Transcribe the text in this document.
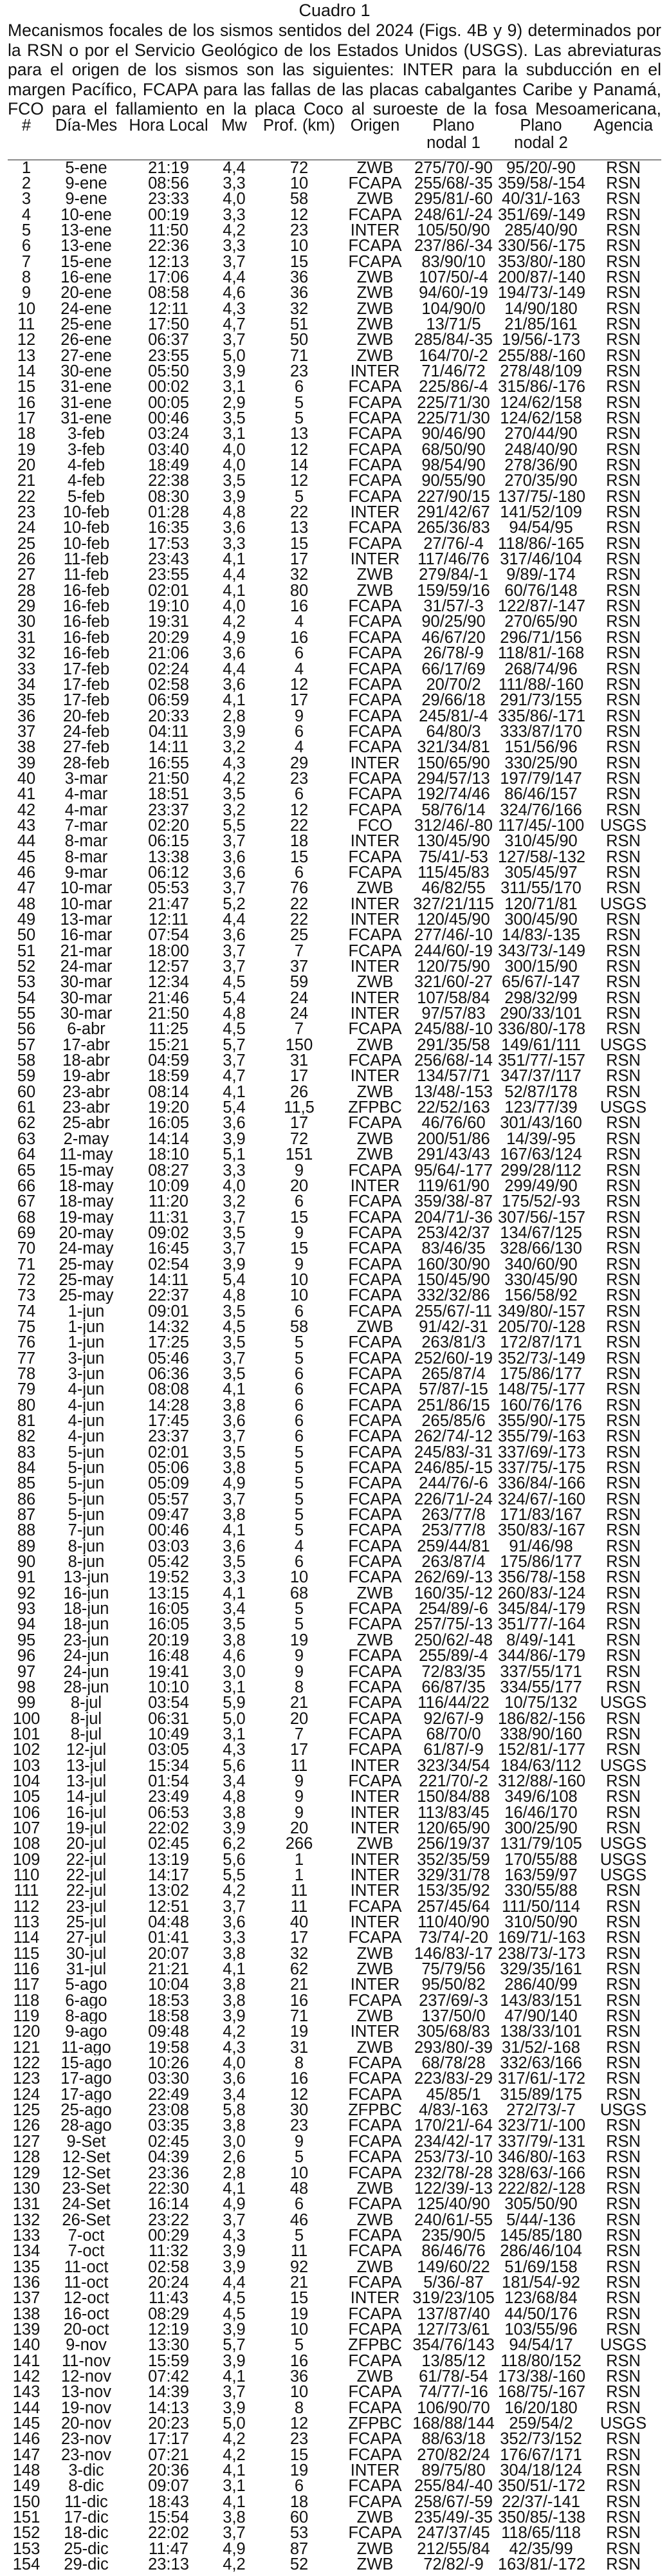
Cuadro 1

Mecanismos focales de los sismos sentidos del 2024 (Figs. 4B y 9) determinados por la RSN o por el Servicio Geológico de los Estados Unidos (USGS). Las abreviaturas para el origen de los sismos son las siguientes: INTER para la subducción en el margen Pacífico, FCAPA para las fallas de las placas cabalgantes Caribe y Panamá, FCO para el fallamiento en la placa Coco al suroeste de la fosa Mesoamericana,

#	Día-Mes	Hora Local	Mw	Prof. (km)	Origen	Plano nodal 1	Plano nodal 2	Agencia
1	5-ene	21:19	4,4	72	ZWB	275/70/-90	95/20/-90	RSN
2	9-ene	08:56	3,3	10	FCAPA	255/68/-35	359/58/-154	RSN
3	9-ene	23:33	4,0	58	ZWB	295/81/-60	40/31/-163	RSN
4	10-ene	00:19	3,3	12	FCAPA	248/61/-24	351/69/-149	RSN
5	13-ene	11:50	4,2	23	INTER	105/50/90	285/40/90	RSN
6	13-ene	22:36	3,3	10	FCAPA	237/86/-34	330/56/-175	RSN
7	15-ene	12:13	3,7	15	FCAPA	83/90/10	353/80/-180	RSN
8	16-ene	17:06	4,4	36	ZWB	107/50/-4	200/87/-140	RSN
9	20-ene	08:58	4,6	36	ZWB	94/60/-19	194/73/-149	RSN
10	24-ene	12:11	4,3	32	ZWB	104/90/0	14/90/180	RSN
11	25-ene	17:50	4,7	51	ZWB	13/71/5	21/85/161	RSN
12	26-ene	06:37	3,7	50	ZWB	285/84/-35	19/56/-173	RSN
13	27-ene	23:55	5,0	71	ZWB	164/70/-2	255/88/-160	RSN
14	30-ene	05:50	3,9	23	INTER	71/46/72	278/48/109	RSN
15	31-ene	00:02	3,1	6	FCAPA	225/86/-4	315/86/-176	RSN
16	31-ene	00:05	2,9	5	FCAPA	225/71/30	124/62/158	RSN
17	31-ene	00:46	3,5	5	FCAPA	225/71/30	124/62/158	RSN
18	3-feb	03:24	3,1	13	FCAPA	90/46/90	270/44/90	RSN
19	3-feb	03:40	4,0	12	FCAPA	68/50/90	248/40/90	RSN
20	4-feb	18:49	4,0	14	FCAPA	98/54/90	278/36/90	RSN
21	4-feb	22:38	3,5	12	FCAPA	90/55/90	270/35/90	RSN
22	5-feb	08:30	3,9	5	FCAPA	227/90/15	137/75/-180	RSN
23	10-feb	01:28	4,8	22	INTER	291/42/67	141/52/109	RSN
24	10-feb	16:35	3,6	13	FCAPA	265/36/83	94/54/95	RSN
25	10-feb	17:53	3,3	15	FCAPA	27/76/-4	118/86/-165	RSN
26	11-feb	23:43	4,1	17	INTER	117/46/76	317/46/104	RSN
27	11-feb	23:55	4,4	32	ZWB	279/84/-1	9/89/-174	RSN
28	16-feb	02:01	4,1	80	ZWB	159/59/16	60/76/148	RSN
29	16-feb	19:10	4,0	16	FCAPA	31/57/-3	122/87/-147	RSN
30	16-feb	19:31	4,2	4	FCAPA	90/25/90	270/65/90	RSN
31	16-feb	20:29	4,9	16	FCAPA	46/67/20	296/71/156	RSN
32	16-feb	21:06	3,6	6	FCAPA	26/78/-9	118/81/-168	RSN
33	17-feb	02:24	4,4	4	FCAPA	66/17/69	268/74/96	RSN
34	17-feb	02:58	3,6	12	FCAPA	20/70/2	111/88/-160	RSN
35	17-feb	06:59	4,1	17	FCAPA	29/66/18	291/73/155	RSN
36	20-feb	20:33	2,8	9	FCAPA	245/81/-4	335/86/-171	RSN
37	24-feb	04:11	3,9	6	FCAPA	64/80/3	333/87/170	RSN
38	27-feb	14:11	3,2	4	FCAPA	321/34/81	151/56/96	RSN
39	28-feb	16:55	4,3	29	INTER	150/65/90	330/25/90	RSN
40	3-mar	21:50	4,2	23	FCAPA	294/57/13	197/79/147	RSN
41	4-mar	18:51	3,5	6	FCAPA	192/74/46	86/46/157	RSN
42	4-mar	23:37	3,2	12	FCAPA	58/76/14	324/76/166	RSN
43	7-mar	02:20	5,5	22	FCO	312/46/-80	117/45/-100	USGS
44	8-mar	06:15	3,7	18	INTER	130/45/90	310/45/90	RSN
45	8-mar	13:38	3,6	15	FCAPA	75/41/-53	127/58/-132	RSN
46	9-mar	06:12	3,6	6	FCAPA	115/45/83	305/45/97	RSN
47	10-mar	05:53	3,7	76	ZWB	46/82/55	311/55/170	RSN
48	10-mar	21:47	5,2	22	INTER	327/21/115	120/71/81	USGS
49	13-mar	12:11	4,4	22	INTER	120/45/90	300/45/90	RSN
50	16-mar	07:54	3,6	25	FCAPA	277/46/-10	14/83/-135	RSN
51	21-mar	18:00	3,7	7	FCAPA	244/60/-19	343/73/-149	RSN
52	24-mar	12:57	3,7	37	INTER	120/75/90	300/15/90	RSN
53	30-mar	12:34	4,5	59	ZWB	321/60/-27	65/67/-147	RSN
54	30-mar	21:46	5,4	24	INTER	107/58/84	298/32/99	RSN
55	30-mar	21:50	4,8	24	INTER	97/57/83	290/33/101	RSN
56	6-abr	11:25	4,5	7	FCAPA	245/88/-10	336/80/-178	RSN
57	17-abr	15:21	5,7	150	ZWB	291/35/58	149/61/111	USGS
58	18-abr	04:59	3,7	31	FCAPA	256/68/-14	351/77/-157	RSN
59	19-abr	18:59	4,7	17	INTER	134/57/71	347/37/117	RSN
60	23-abr	08:14	4,1	26	ZWB	13/48/-153	52/87/178	RSN
61	23-abr	19:20	5,4	11,5	ZFPBC	22/52/163	123/77/39	USGS
62	25-abr	16:05	3,6	17	FCAPA	46/76/60	301/43/160	RSN
63	2-may	14:14	3,9	72	ZWB	200/51/86	14/39/-95	RSN
64	11-may	18:10	5,1	151	ZWB	291/43/43	167/63/124	RSN
65	15-may	08:27	3,3	9	FCAPA	95/64/-177	299/28/112	RSN
66	18-may	10:09	4,0	20	INTER	119/61/90	299/49/90	RSN
67	18-may	11:20	3,2	6	FCAPA	359/38/-87	175/52/-93	RSN
68	19-may	11:31	3,7	15	FCAPA	204/71/-36	307/56/-157	RSN
69	20-may	09:02	3,5	9	FCAPA	253/42/37	134/67/125	RSN
70	24-may	16:45	3,7	15	FCAPA	83/46/35	328/66/130	RSN
71	25-may	02:54	3,9	9	FCAPA	160/30/90	340/60/90	RSN
72	25-may	14:11	5,4	10	FCAPA	150/45/90	330/45/90	RSN
73	25-may	22:37	4,8	10	FCAPA	332/32/86	156/58/92	RSN
74	1-jun	09:01	3,5	6	FCAPA	255/67/-11	349/80/-157	RSN
75	1-jun	14:32	4,5	58	ZWB	91/42/-31	205/70/-128	RSN
76	1-jun	17:25	3,5	5	FCAPA	263/81/3	172/87/171	RSN
77	3-jun	05:46	3,7	5	FCAPA	252/60/-19	352/73/-149	RSN
78	3-jun	06:36	3,5	6	FCAPA	265/87/4	175/86/177	RSN
79	4-jun	08:08	4,1	6	FCAPA	57/87/-15	148/75/-177	RSN
80	4-jun	14:28	3,8	6	FCAPA	251/86/15	160/76/176	RSN
81	4-jun	17:45	3,6	6	FCAPA	265/85/6	355/90/-175	RSN
82	4-jun	23:37	3,7	6	FCAPA	262/74/-12	355/79/-163	RSN
83	5-jun	02:01	3,5	5	FCAPA	245/83/-31	337/69/-173	RSN
84	5-jun	05:06	3,8	5	FCAPA	246/85/-15	337/75/-175	RSN
85	5-jun	05:09	4,9	5	FCAPA	244/76/-6	336/84/-166	RSN
86	5-jun	05:57	3,7	5	FCAPA	226/71/-24	324/67/-160	RSN
87	5-jun	09:47	3,8	5	FCAPA	263/77/8	171/83/167	RSN
88	7-jun	00:46	4,1	5	FCAPA	253/77/8	350/83/-167	RSN
89	8-jun	03:03	3,6	4	FCAPA	259/44/81	91/46/98	RSN
90	8-jun	05:42	3,5	6	FCAPA	263/87/4	175/86/177	RSN
91	13-jun	19:52	3,3	10	FCAPA	262/69/-13	356/78/-158	RSN
92	16-jun	13:15	4,1	68	ZWB	160/35/-12	260/83/-124	RSN
93	18-jun	16:05	3,4	5	FCAPA	254/89/-6	345/84/-179	RSN
94	18-jun	16:05	3,5	5	FCAPA	257/75/-13	351/77/-164	RSN
95	23-jun	20:19	3,8	19	ZWB	250/62/-48	8/49/-141	RSN
96	24-jun	16:48	4,6	9	FCAPA	255/89/-4	344/86/-179	RSN
97	24-jun	19:41	3,0	9	FCAPA	72/83/35	337/55/171	RSN
98	28-jun	10:10	3,1	8	FCAPA	66/87/35	334/55/177	RSN
99	8-jul	03:54	5,9	21	FCAPA	116/44/22	10/75/132	USGS
100	8-jul	06:31	5,0	20	FCAPA	92/67/-9	186/82/-156	RSN
101	8-jul	10:49	3,1	7	FCAPA	68/70/0	338/90/160	RSN
102	12-jul	03:05	4,3	17	FCAPA	61/87/-9	152/81/-177	RSN
103	13-jul	15:34	5,6	11	INTER	323/34/54	184/63/112	USGS
104	13-jul	01:54	3,4	9	FCAPA	221/70/-2	312/88/-160	RSN
105	14-jul	23:49	4,8	9	INTER	150/84/88	349/6/108	RSN
106	16-jul	06:53	3,8	9	INTER	113/83/45	16/46/170	RSN
107	19-jul	22:02	3,9	20	INTER	120/65/90	300/25/90	RSN
108	20-jul	02:45	6,2	266	ZWB	256/19/37	131/79/105	USGS
109	22-jul	13:19	5,6	1	INTER	352/35/59	170/55/88	USGS
110	22-jul	14:17	5,5	1	INTER	329/31/78	163/59/97	USGS
111	22-jul	13:02	4,2	11	INTER	153/35/92	330/55/88	RSN
112	23-jul	12:51	3,7	11	FCAPA	257/45/64	111/50/114	RSN
113	25-jul	04:48	3,6	40	INTER	110/40/90	310/50/90	RSN
114	27-jul	01:41	3,3	17	FCAPA	73/74/-20	169/71/-163	RSN
115	30-jul	20:07	3,8	32	ZWB	146/83/-17	238/73/-173	RSN
116	31-jul	21:21	4,1	62	ZWB	75/79/56	329/35/161	RSN
117	5-ago	10:04	3,8	21	INTER	95/50/82	286/40/99	RSN
118	6-ago	18:53	3,8	16	FCAPA	237/69/-3	143/83/151	RSN
119	8-ago	18:58	3,9	71	ZWB	137/50/0	47/90/140	RSN
120	9-ago	09:48	4,2	19	INTER	305/68/83	138/33/101	RSN
121	11-ago	19:58	4,3	31	ZWB	293/80/-39	31/52/-168	RSN
122	15-ago	10:26	4,0	8	FCAPA	68/78/28	332/63/166	RSN
123	17-ago	03:30	3,6	16	FCAPA	223/83/-29	317/61/-172	RSN
124	17-ago	22:49	3,4	12	FCAPA	45/85/1	315/89/175	RSN
125	25-ago	23:08	5,8	30	ZFPBC	4/83/-163	272/73/-7	USGS
126	28-ago	03:35	3,8	23	FCAPA	170/21/-64	323/71/-100	RSN
127	9-Set	02:45	3,0	9	FCAPA	234/42/-17	337/79/-131	RSN
128	12-Set	04:39	2,6	5	FCAPA	253/73/-10	346/80/-163	RSN
129	12-Set	23:36	2,8	10	FCAPA	232/78/-28	328/63/-166	RSN
130	23-Set	22:30	4,1	48	ZWB	122/39/-13	222/82/-128	RSN
131	24-Set	16:14	4,9	6	FCAPA	125/40/90	305/50/90	RSN
132	26-Set	23:22	3,7	46	ZWB	240/61/-55	5/44/-136	RSN
133	7-oct	00:29	4,3	5	FCAPA	235/90/5	145/85/180	RSN
134	7-oct	11:32	3,9	11	FCAPA	86/46/76	286/46/104	RSN
135	11-oct	02:58	3,9	92	ZWB	149/60/22	51/69/158	RSN
136	11-oct	20:24	4,4	21	FCAPA	5/36/-87	181/54/-92	RSN
137	12-oct	11:43	4,5	15	INTER	319/23/105	123/68/84	RSN
138	16-oct	08:29	4,5	19	FCAPA	137/87/40	44/50/176	RSN
139	20-oct	12:19	3,9	10	FCAPA	127/73/61	103/55/96	RSN
140	9-nov	13:30	5,7	5	ZFPBC	354/76/143	94/54/17	USGS
141	11-nov	15:59	3,9	16	FCAPA	13/85/12	118/80/152	RSN
142	12-nov	07:42	4,1	36	ZWB	61/78/-54	173/38/-160	RSN
143	13-nov	14:39	3,7	10	FCAPA	74/77/-16	168/75/-167	RSN
144	19-nov	14:13	3,9	8	FCAPA	106/90/70	16/20/180	RSN
145	20-nov	20:23	5,0	12	ZFPBC	168/88/144	259/54/2	USGS
146	23-nov	17:17	4,2	23	FCAPA	88/63/18	352/73/152	RSN
147	23-nov	07:21	4,2	15	FCAPA	270/82/24	176/67/171	RSN
148	3-dic	20:36	4,1	19	INTER	89/75/80	304/18/124	RSN
149	8-dic	09:07	3,1	6	FCAPA	255/84/-40	350/51/-172	RSN
150	11-dic	18:43	4,1	18	FCAPA	258/67/-59	22/37/-141	RSN
151	17-dic	15:54	3,8	60	ZWB	235/49/-35	350/85/-138	RSN
152	18-dic	22:02	3,7	53	FCAPA	247/37/45	118/65/118	RSN
153	25-dic	11:47	4,9	87	ZWB	212/55/84	42/35/99	RSN
154	29-dic	23:13	4,2	52	ZWB	72/82/-9	163/81/-172	RSN
